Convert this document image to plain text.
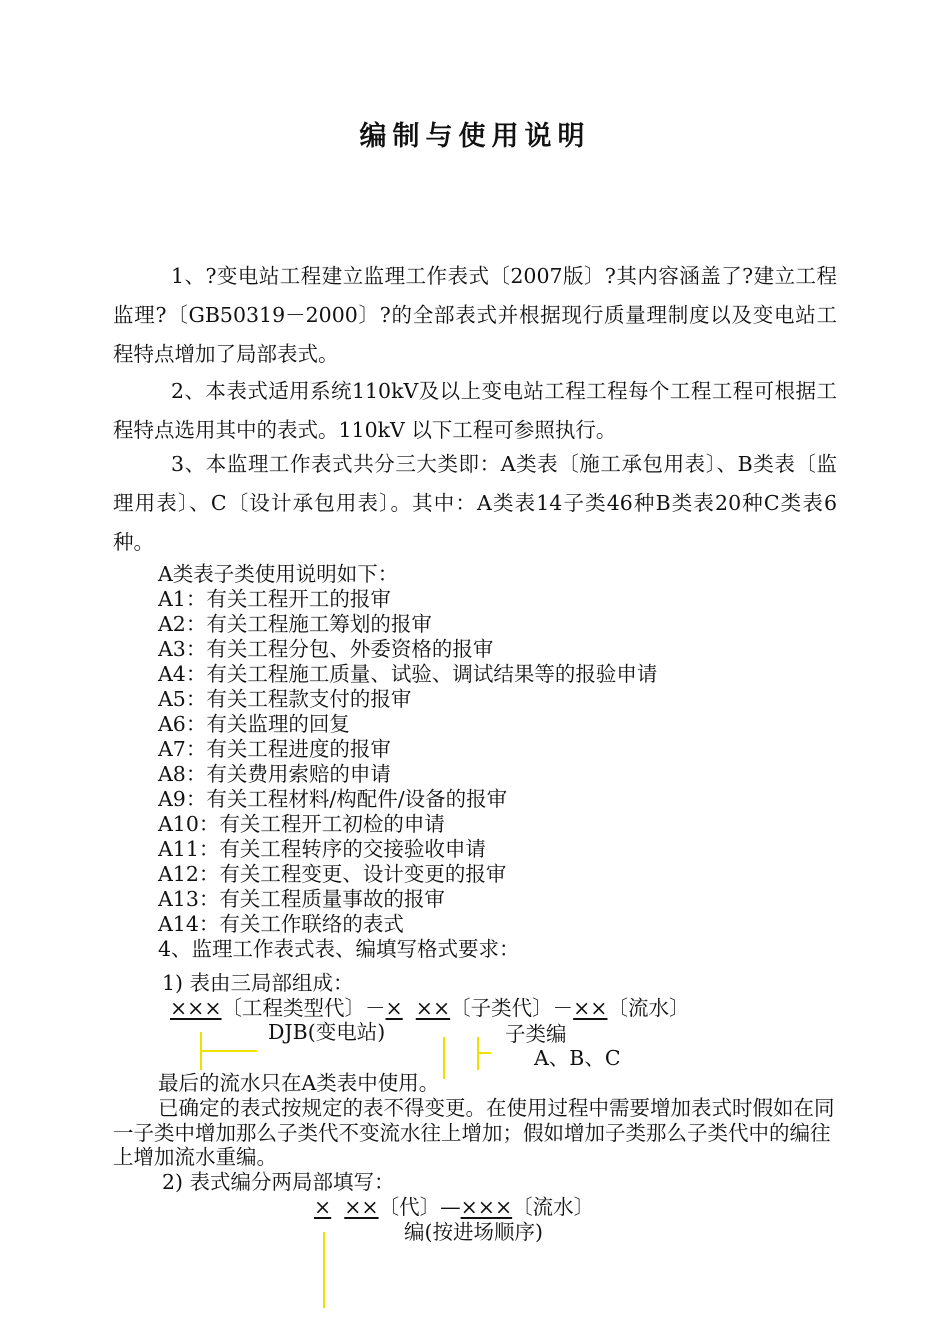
编制与使用说明
1、?变电站工程建立监理工作表式〔2007版〕?其内容涵盖了?建立工程监理?〔GB50319－2000〕?的全部表式并根据现行质量理制度以及变电站工程特点增加了局部表式。
2、本表式适用系统110kV及以上变电站工程工程每个工程工程可根据工程特点选用其中的表式。110kV 以下工程可参照执行。
3、本监理工作表式共分三大类即：A类表〔施工承包用表〕、B类表〔监理用表〕、C〔设计承包用表〕。其中：A类表14子类46种B类表20种C类表6种。
A类表子类使用说明如下：
A1：有关工程开工的报审
A2：有关工程施工筹划的报审
A3：有关工程分包、外委资格的报审
A4：有关工程施工质量、试验、调试结果等的报验申请
A5：有关工程款支付的报审
A6：有关监理的回复
A7：有关工程进度的报审
A8：有关费用索赔的申请
A9：有关工程材料/构配件/设备的报审
A10：有关工程开工初检的申请
A11：有关工程转序的交接验收申请
A12：有关工程变更、设计变更的报审
A13：有关工程质量事故的报审
A14：有关工作联络的表式
4、监理工作表式表、编填写格式要求：
1) 表由三局部组成：
×××〔工程类型代〕－× ××〔子类代〕－××〔流水〕
DJB(变电站)	子类编
A、B、C
最后的流水只在A类表中使用。
已确定的表式按规定的表不得变更。在使用过程中需要增加表式时假如在同一子类中增加那么子类代不变流水往上增加；假如增加子类那么子类代中的编往上增加流水重编。
2) 表式编分两局部填写：
× ××〔代〕—×××〔流水〕
编(按进场顺序)
